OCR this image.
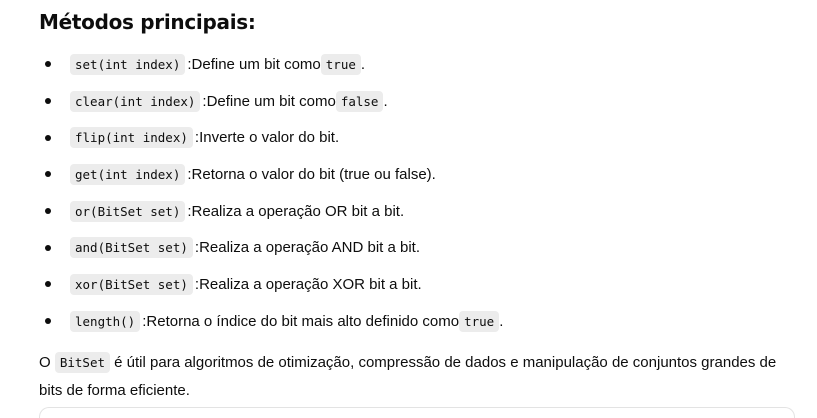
Métodos principais:
set(int index) : Define um bit como true .
clear(int index) : Define um bit como false .
flip(int index) : Inverte o valor do bit.
get(int index) : Retorna o valor do bit (true ou false).
or(BitSet set) : Realiza a operação OR bit a bit.
and(BitSet set) : Realiza a operação AND bit a bit.
xor(BitSet set) : Realiza a operação XOR bit a bit.
length() : Retorna o índice do bit mais alto definido como true .

O BitSet é útil para algoritmos de otimização, compressão de dados e manipulação de conjuntos grandes de bits de forma eficiente.
